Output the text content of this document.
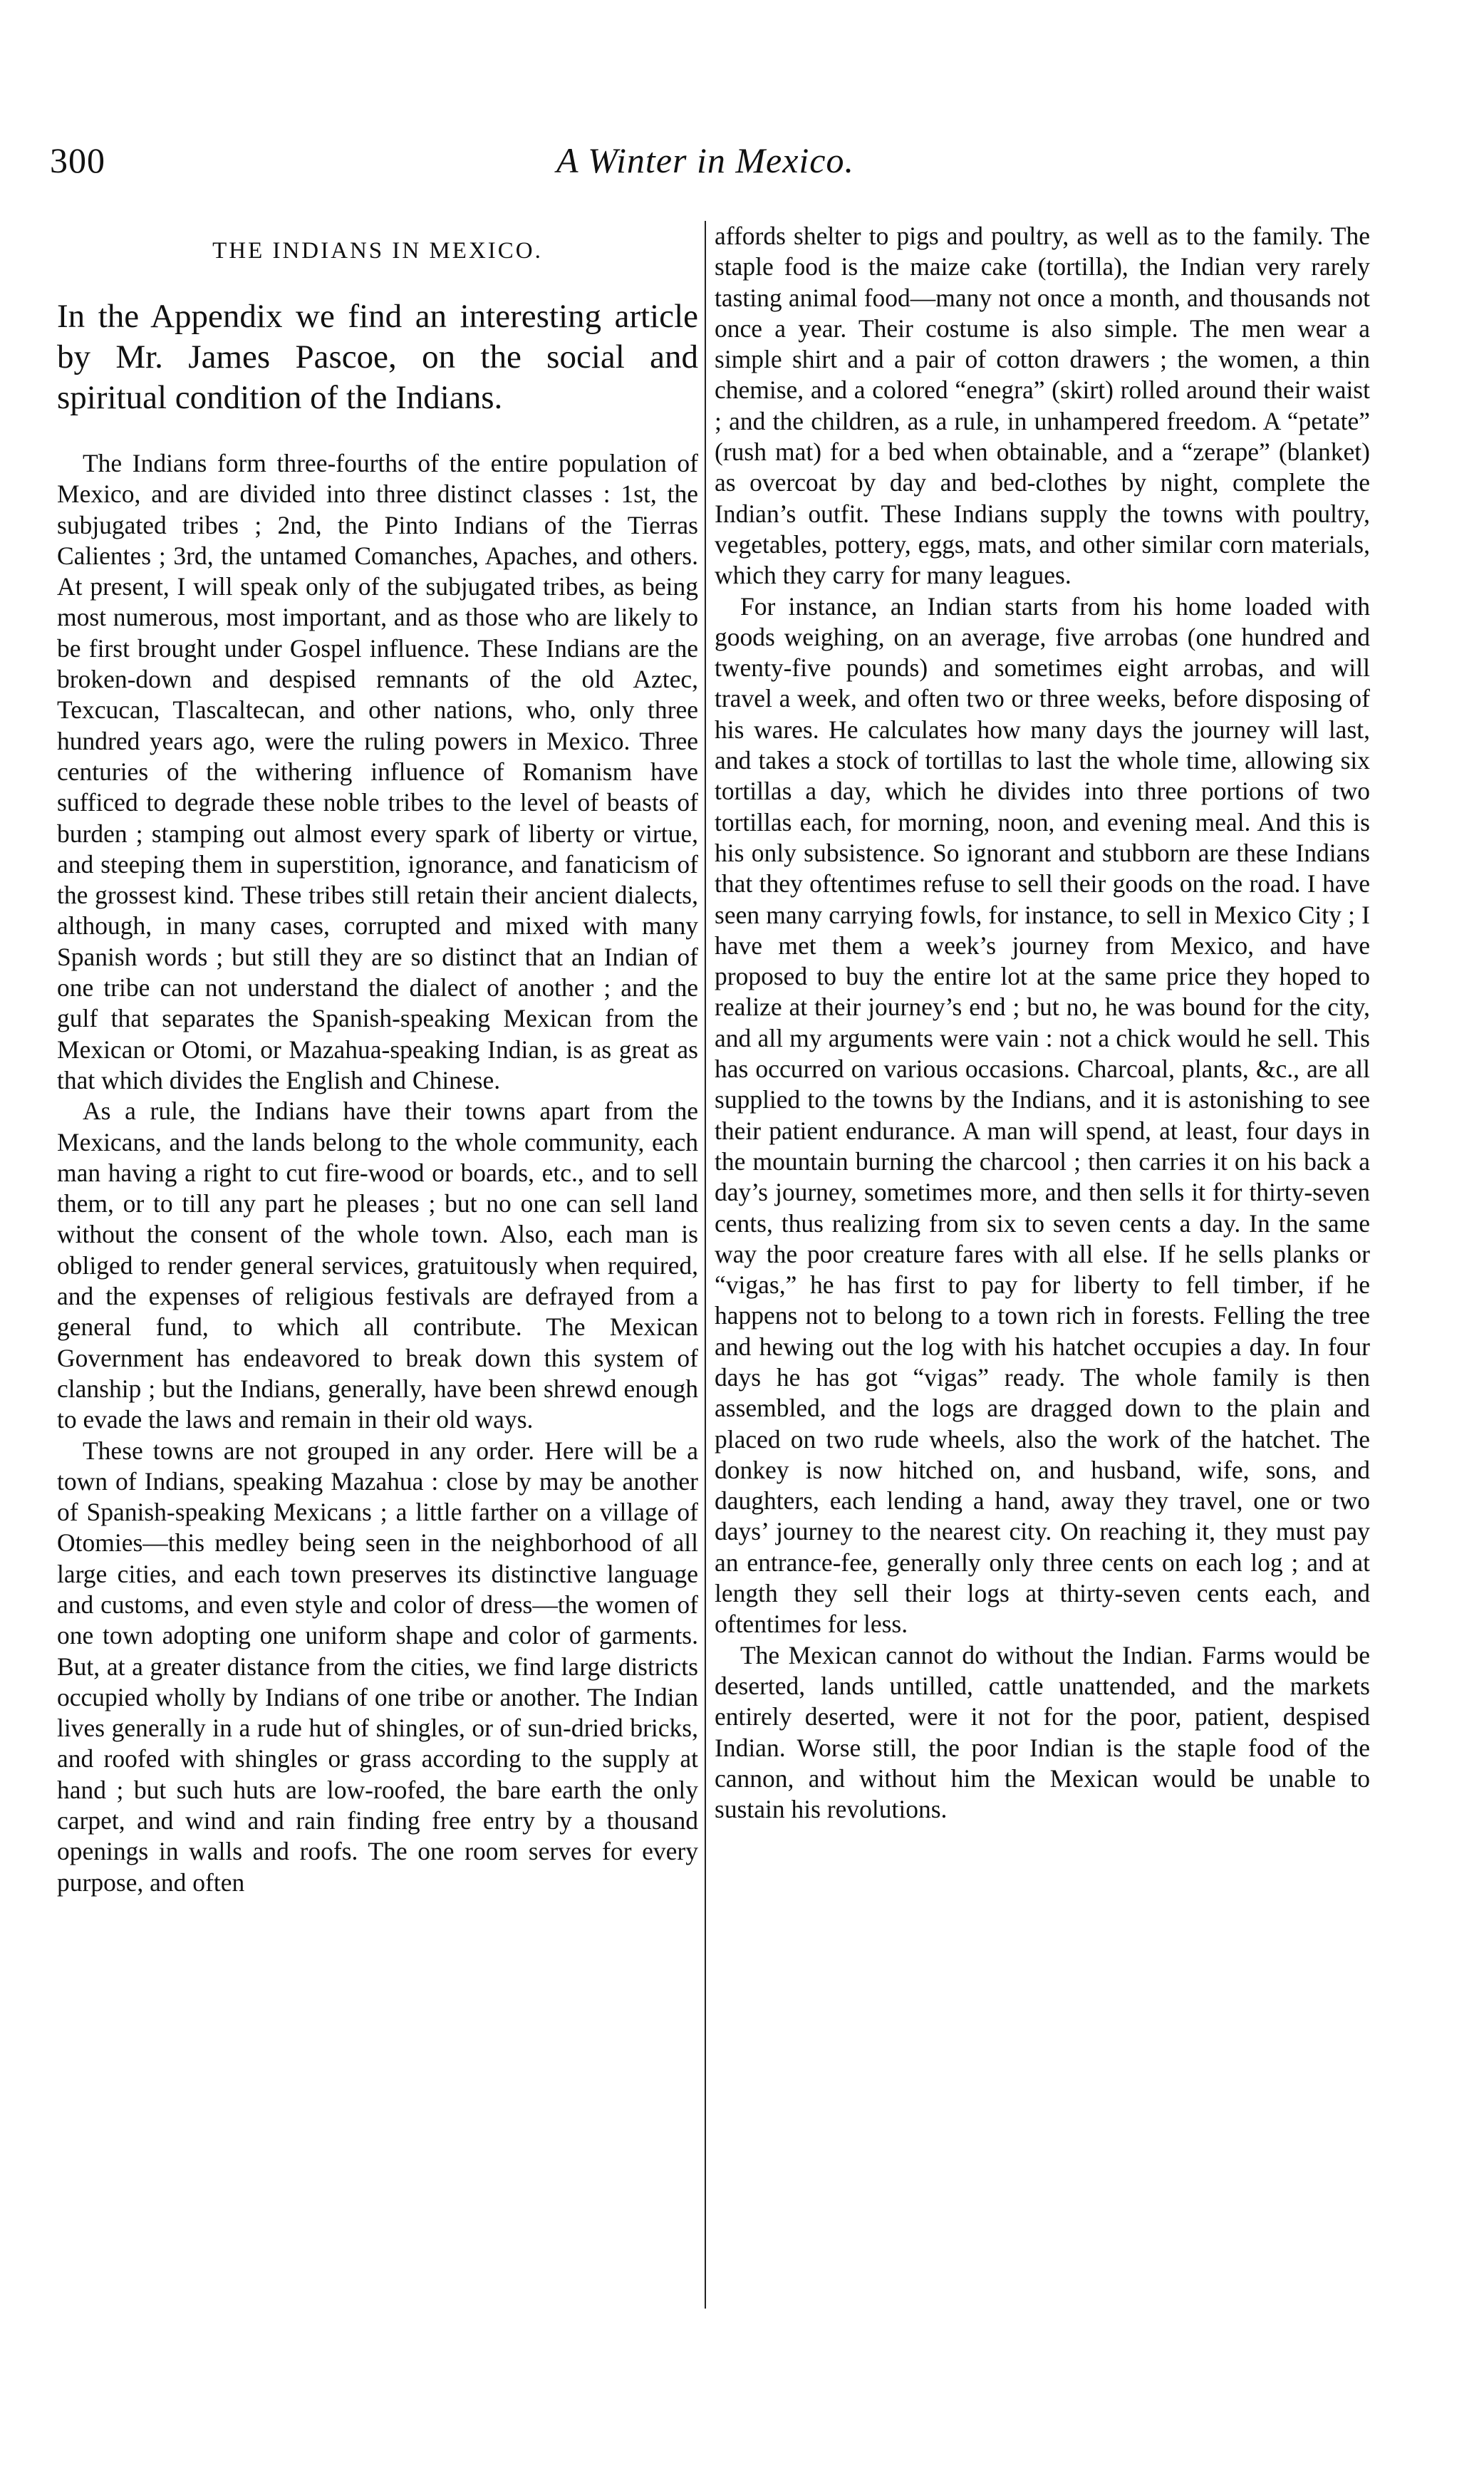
300	A Winter in Mexico.
THE INDIANS IN MEXICO.

In the Appendix we find an interesting article by Mr. James Pascoe, on the social and spiritual condition of the Indians.

The Indians form three-fourths of the entire population of Mexico, and are divided into three distinct classes : 1st, the subjugated tribes ; 2nd, the Pinto Indians of the Tierras Calientes ; 3rd, the untamed Comanches, Apaches, and others. At present, I will speak only of the subjugated tribes, as being most numerous, most important, and as those who are likely to be first brought under Gospel influence. These Indians are the broken-down and despised remnants of the old Aztec, Texcucan, Tlascaltecan, and other nations, who, only three hundred years ago, were the ruling powers in Mexico. Three centuries of the withering influence of Romanism have sufficed to degrade these noble tribes to the level of beasts of burden ; stamping out almost every spark of liberty or virtue, and steeping them in superstition, ignorance, and fanaticism of the grossest kind. These tribes still retain their ancient dialects, although, in many cases, corrupted and mixed with many Spanish words ; but still they are so distinct that an Indian of one tribe can not understand the dialect of another ; and the gulf that separates the Spanish-speaking Mexican from the Mexican or Otomi, or Mazahua-speaking Indian, is as great as that which divides the English and Chinese.

As a rule, the Indians have their towns apart from the Mexicans, and the lands belong to the whole community, each man having a right to cut fire-wood or boards, etc., and to sell them, or to till any part he pleases ; but no one can sell land without the consent of the whole town. Also, each man is obliged to render general services, gratuitously when required, and the expenses of religious festivals are defrayed from a general fund, to which all contribute. The Mexican Government has endeavored to break down this system of clanship ; but the Indians, generally, have been shrewd enough to evade the laws and remain in their old ways.

These towns are not grouped in any order. Here will be a town of Indians, speaking Mazahua : close by may be another of Spanish-speaking Mexicans ; a little farther on a village of Otomies—this medley being seen in the neighborhood of all large cities, and each town preserves its distinctive language and customs, and even style and color of dress—the women of one town adopting one uniform shape and color of garments. But, at a greater distance from the cities, we find large districts occupied wholly by Indians of one tribe or another. The Indian lives generally in a rude hut of shingles, or of sun-dried bricks, and roofed with shingles or grass according to the supply at hand ; but such huts are low-roofed, the bare earth the only carpet, and wind and rain finding free entry by a thousand openings in walls and roofs. The one room serves for every purpose, and often

affords shelter to pigs and poultry, as well as to the family. The staple food is the maize cake (tortilla), the Indian very rarely tasting animal food—many not once a month, and thousands not once a year. Their costume is also simple. The men wear a simple shirt and a pair of cotton drawers ; the women, a thin chemise, and a colored “enegra” (skirt) rolled around their waist ; and the children, as a rule, in unhampered freedom. A “petate” (rush mat) for a bed when obtainable, and a “zerape” (blanket) as overcoat by day and bed-clothes by night, complete the Indian’s outfit. These Indians supply the towns with poultry, vegetables, pottery, eggs, mats, and other similar corn materials, which they carry for many leagues.

For instance, an Indian starts from his home loaded with goods weighing, on an average, five arrobas (one hundred and twenty-five pounds) and sometimes eight arrobas, and will travel a week, and often two or three weeks, before disposing of his wares. He calculates how many days the journey will last, and takes a stock of tortillas to last the whole time, allowing six tortillas a day, which he divides into three portions of two tortillas each, for morning, noon, and evening meal. And this is his only subsistence. So ignorant and stubborn are these Indians that they oftentimes refuse to sell their goods on the road. I have seen many carrying fowls, for instance, to sell in Mexico City ; I have met them a week’s journey from Mexico, and have proposed to buy the entire lot at the same price they hoped to realize at their journey’s end ; but no, he was bound for the city, and all my arguments were vain : not a chick would he sell. This has occurred on various occasions. Charcoal, plants, &c., are all supplied to the towns by the Indians, and it is astonishing to see their patient endurance. A man will spend, at least, four days in the mountain burning the charcool ; then carries it on his back a day’s journey, sometimes more, and then sells it for thirty-seven cents, thus realizing from six to seven cents a day. In the same way the poor creature fares with all else. If he sells planks or “vigas,” he has first to pay for liberty to fell timber, if he happens not to belong to a town rich in forests. Felling the tree and hewing out the log with his hatchet occupies a day. In four days he has got “vigas” ready. The whole family is then assembled, and the logs are dragged down to the plain and placed on two rude wheels, also the work of the hatchet. The donkey is now hitched on, and husband, wife, sons, and daughters, each lending a hand, away they travel, one or two days’ journey to the nearest city. On reaching it, they must pay an entrance-fee, generally only three cents on each log ; and at length they sell their logs at thirty-seven cents each, and oftentimes for less.

The Mexican cannot do without the Indian. Farms would be deserted, lands untilled, cattle unattended, and the markets entirely deserted, were it not for the poor, patient, despised Indian. Worse still, the poor Indian is the staple food of the cannon, and without him the Mexican would be unable to sustain his revolutions.
